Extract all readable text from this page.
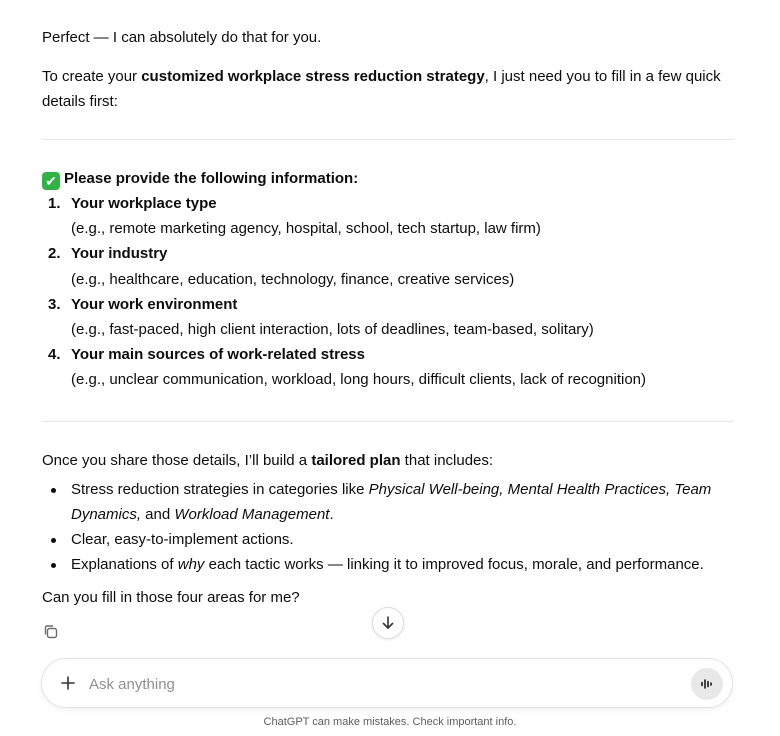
Perfect — I can absolutely do that for you.
To create your customized workplace stress reduction strategy, I just need you to fill in a few quick
details first:
✔ Please provide the following information:
1. Your workplace type
(e.g., remote marketing agency, hospital, school, tech startup, law firm)
2. Your industry
(e.g., healthcare, education, technology, finance, creative services)
3. Your work environment
(e.g., fast-paced, high client interaction, lots of deadlines, team-based, solitary)
4. Your main sources of work-related stress
(e.g., unclear communication, workload, long hours, difficult clients, lack of recognition)
Once you share those details, I’ll build a tailored plan that includes:
Stress reduction strategies in categories like Physical Well-being, Mental Health Practices, Team Dynamics, and Workload Management.
Clear, easy-to-implement actions.
Explanations of why each tactic works — linking it to improved focus, morale, and performance.
Can you fill in those four areas for me?
Ask anything
ChatGPT can make mistakes. Check important info.
